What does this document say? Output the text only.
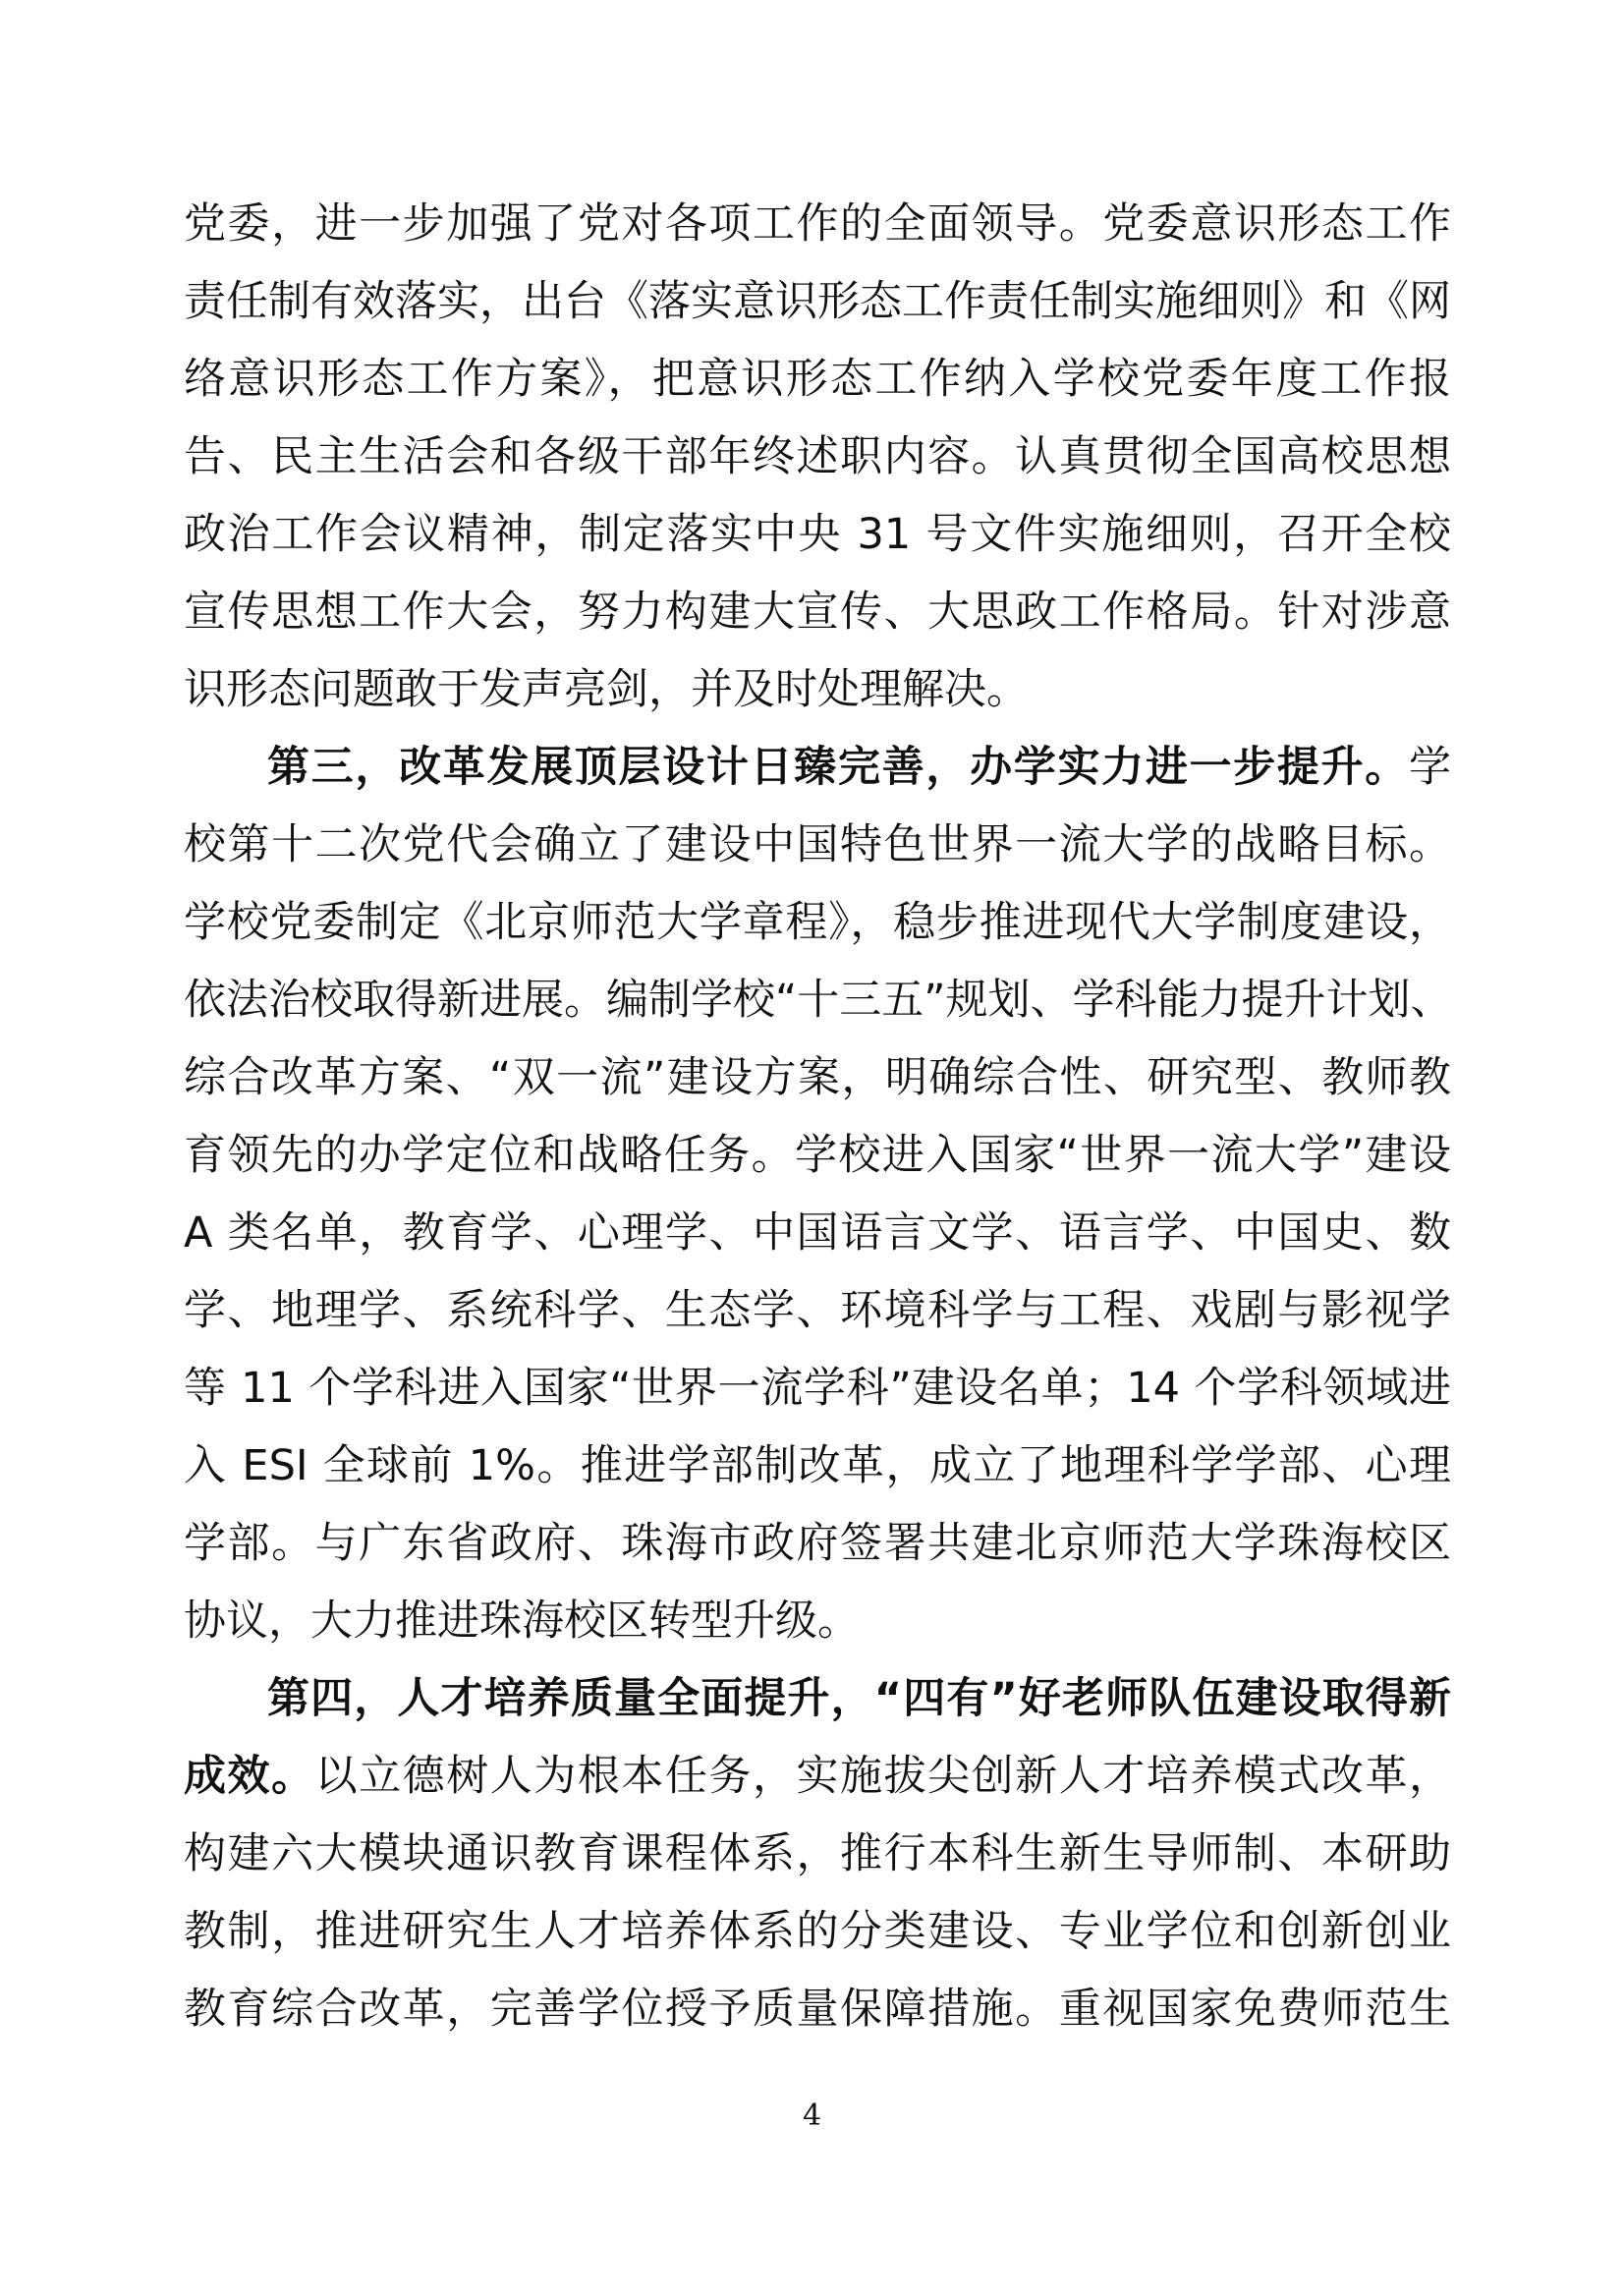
党委，进一步加强了党对各项工作的全面领导。党委意识形态工作
责任制有效落实，出台《落实意识形态工作责任制实施细则》和《网
络意识形态工作方案》，把意识形态工作纳入学校党委年度工作报
告、民主生活会和各级干部年终述职内容。认真贯彻全国高校思想
政治工作会议精神，制定落实中央 31 号文件实施细则，召开全校
宣传思想工作大会，努力构建大宣传、大思政工作格局。针对涉意
识形态问题敢于发声亮剑，并及时处理解决。
第三，改革发展顶层设计日臻完善，办学实力进一步提升。学
校第十二次党代会确立了建设中国特色世界一流大学的战略目标。
学校党委制定《北京师范大学章程》，稳步推进现代大学制度建设，
依法治校取得新进展。编制学校“十三五”规划、学科能力提升计划、
综合改革方案、“双一流”建设方案，明确综合性、研究型、教师教
育领先的办学定位和战略任务。学校进入国家“世界一流大学”建设
A 类名单，教育学、心理学、中国语言文学、语言学、中国史、数
学、地理学、系统科学、生态学、环境科学与工程、戏剧与影视学
等 11 个学科进入国家“世界一流学科”建设名单；14 个学科领域进
入 ESI 全球前 1%。推进学部制改革，成立了地理科学学部、心理
学部。与广东省政府、珠海市政府签署共建北京师范大学珠海校区
协议，大力推进珠海校区转型升级。
第四，人才培养质量全面提升，“四有”好老师队伍建设取得新
成效。以立德树人为根本任务，实施拔尖创新人才培养模式改革，
构建六大模块通识教育课程体系，推行本科生新生导师制、本研助
教制，推进研究生人才培养体系的分类建设、专业学位和创新创业
教育综合改革，完善学位授予质量保障措施。重视国家免费师范生
4
